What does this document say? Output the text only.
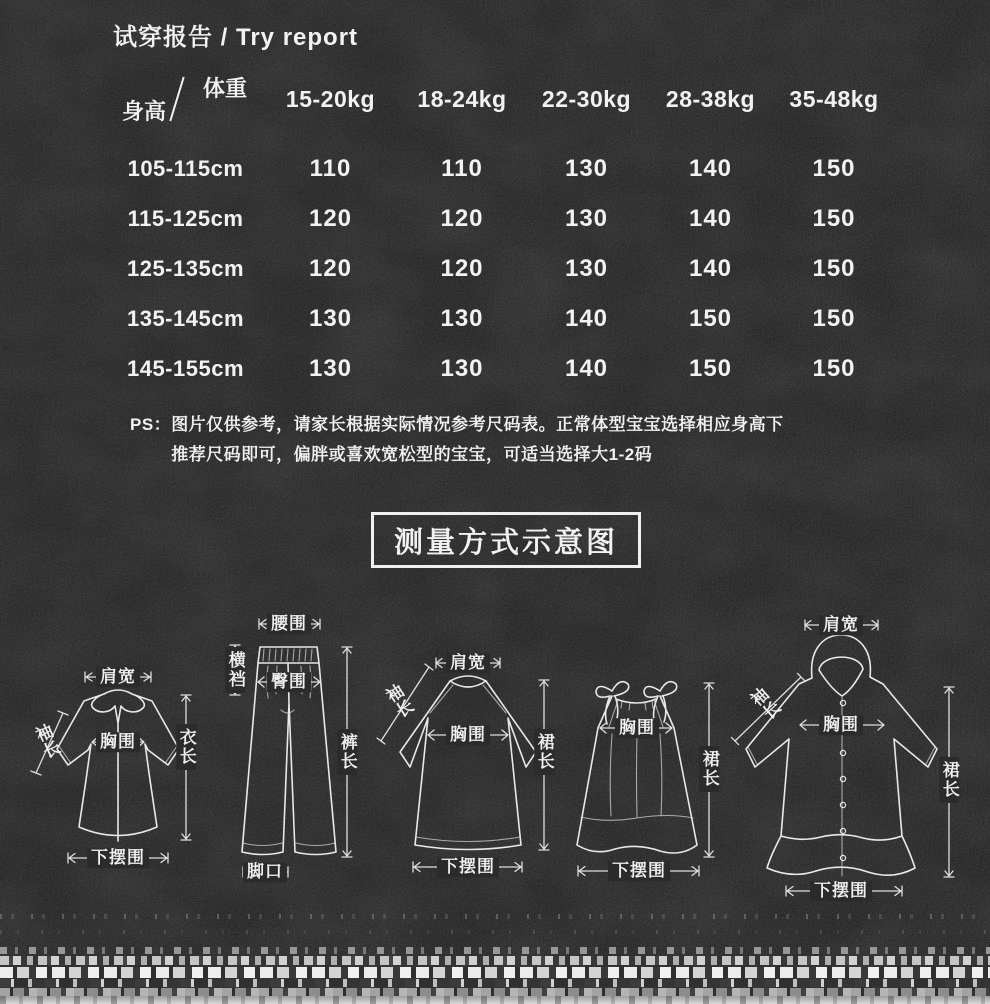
试穿报告 / Try report
身高
体重	15-20kg	18-24kg	22-30kg	28-38kg	35-48kg
105-115cm	110	110	130	140	150
115-125cm	120	120	130	140	150
125-135cm	120	120	130	140	150
135-145cm	130	130	140	150	150
145-155cm	130	130	140	150	150
PS： 图片仅供参考，请家长根据实际情况参考尺码表。正常体型宝宝选择相应身高下
推荐尺码即可，偏胖或喜欢宽松型的宝宝，可适当选择大1-2码
测量方式示意图
肩宽
袖长 胸围 衣长
下摆围
腰围
横裆 臀围
裤长
脚口
肩宽
袖长
胸围	裙长
下摆围
胸围
裙长
下摆围
肩宽
袖长
胸围
裙长
下摆围
